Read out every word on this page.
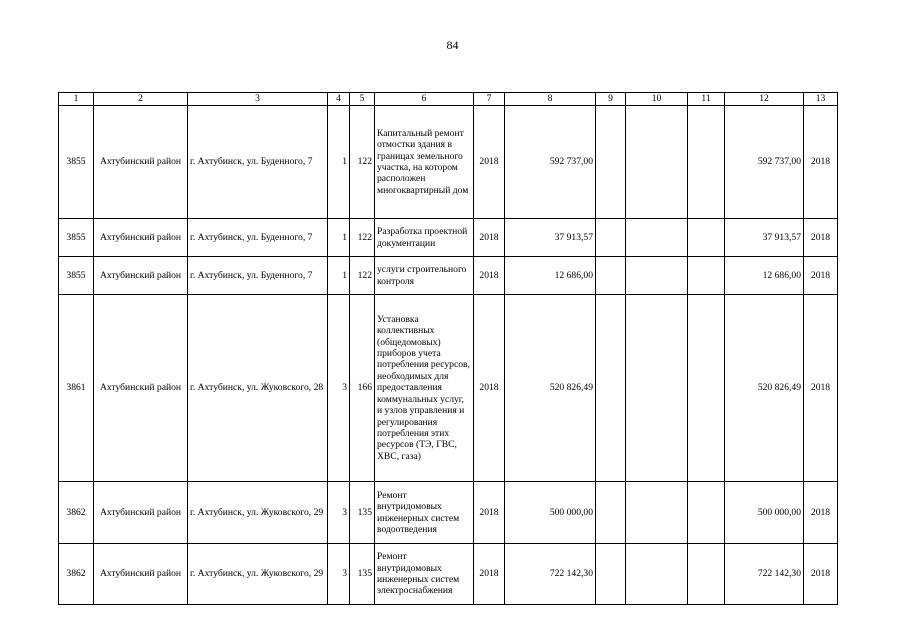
84
1	2	3	4	5	6	7	8	9	10	11	12	13
3855	Ахтубинский район	г. Ахтубинск, ул. Буденного, 7	1	122	Капитальный ремонт отмостки здания в границах земельного участка, на котором расположен многоквартирный дом	2018	592 737,00				592 737,00	2018
3855	Ахтубинский район	г. Ахтубинск, ул. Буденного, 7	1	122	Разработка проектной документации	2018	37 913,57				37 913,57	2018
3855	Ахтубинский район	г. Ахтубинск, ул. Буденного, 7	1	122	услуги строительного контроля	2018	12 686,00				12 686,00	2018
3861	Ахтубинский район	г. Ахтубинск, ул. Жуковского, 28	3	166	Установка коллективных (общедомовых) приборов учета потребления ресурсов, необходимых для предоставления коммунальных услуг, и узлов управления и регулирования потребления этих ресурсов (ТЭ, ГВС, ХВС, газа)	2018	520 826,49				520 826,49	2018
3862	Ахтубинский район	г. Ахтубинск, ул. Жуковского, 29	3	135	Ремонт внутридомовых инженерных систем водоотведения	2018	500 000,00				500 000,00	2018
3862	Ахтубинский район	г. Ахтубинск, ул. Жуковского, 29	3	135	Ремонт внутридомовых инженерных систем электроснабжения	2018	722 142,30				722 142,30	2018
